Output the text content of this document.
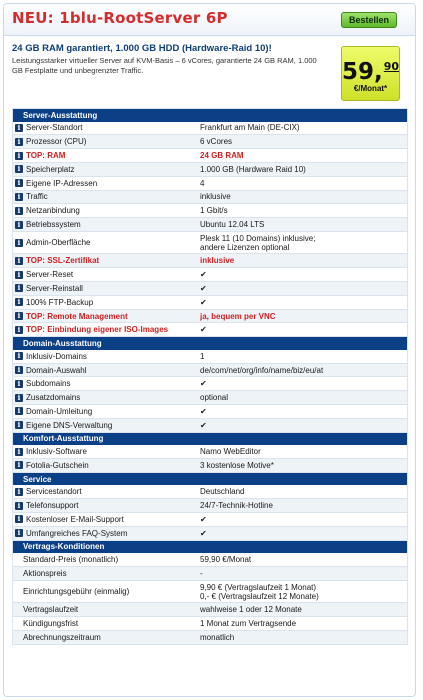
NEU: 1blu-RootServer 6P	Bestellen
24 GB RAM garantiert, 1.000 GB HDD (Hardware-Raid 10)!
Leistungsstarker virtueller Server auf KVM-Basis – 6 vCores, garantierte 24 GB RAM, 1.000 GB Festplatte und unbegrenzter Traffic.	59,90
€/Monat*
Server-Ausstattung
i Server-Standort	Frankfurt am Main (DE-CIX)
i Prozessor (CPU)	6 vCores
i TOP: RAM	24 GB RAM
i Speicherplatz	1.000 GB (Hardware Raid 10)
i Eigene IP-Adressen	4
i Traffic	inklusive
i Netzanbindung	1 Gbit/s
i Betriebssystem	Ubuntu 12.04 LTS
i Admin-Oberfläche	Plesk 11 (10 Domains) inklusive;
andere Lizenzen optional
i TOP: SSL-Zertifikat	inklusive
i Server-Reset	✔
i Server-Reinstall	✔
i 100% FTP-Backup	✔
i TOP: Remote Management	ja, bequem per VNC
i TOP: Einbindung eigener ISO-Images	✔
Domain-Ausstattung
i Inklusiv-Domains	1
i Domain-Auswahl	de/com/net/org/info/name/biz/eu/at
i Subdomains	✔
i Zusatzdomains	optional
i Domain-Umleitung	✔
i Eigene DNS-Verwaltung	✔
Komfort-Ausstattung
i Inklusiv-Software	Namo WebEditor
i Fotolia-Gutschein	3 kostenlose Motive*
Service
i Servicestandort	Deutschland
i Telefonsupport	24/7-Technik-Hotline
i Kostenloser E-Mail-Support	✔
i Umfangreiches FAQ-System	✔
Vertrags-Konditionen
Standard-Preis (monatlich)	59,90 €/Monat
Aktionspreis	-
Einrichtungsgebühr (einmalig)	9,90 € (Vertragslaufzeit 1 Monat)
0,- € (Vertragslaufzeit 12 Monate)
Vertragslaufzeit	wahlweise 1 oder 12 Monate
Kündigungsfrist	1 Monat zum Vertragsende
Abrechnungszeitraum	monatlich
